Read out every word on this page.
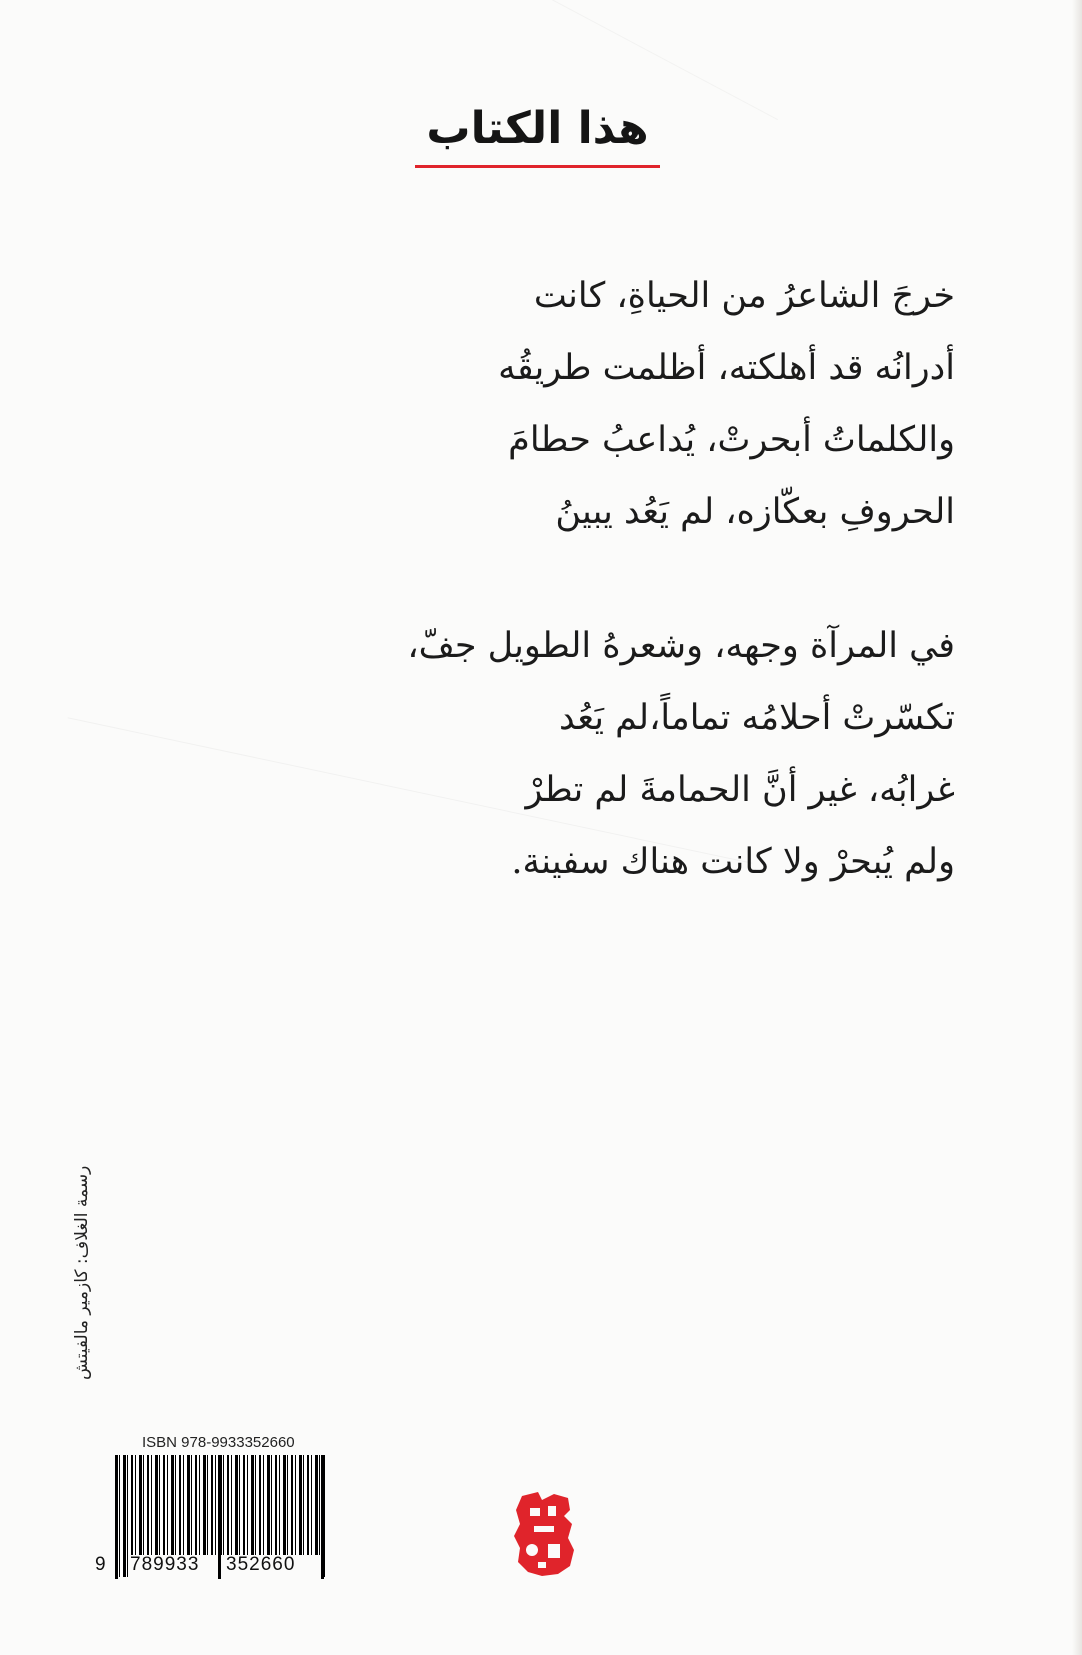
هذا الكتاب
خرجَ الشاعرُ من الحياةِ، كانت
أدرانُه قد أهلكته، أظلمت طريقُه
والكلماتُ أبحرتْ، يُداعبُ حطامَ
الحروفِ بعكّازه، لم يَعُد يبينُ
في المرآة وجهه، وشعرهُ الطويل جفّ،
تكسّرتْ أحلامُه تماماً،لم يَعُد
غرابُه، غير أنَّ الحمامةَ لم تطرْ
ولم يُبحرْ ولا كانت هناك سفينة.
رسمة الغلاف: كازمير مالفيتش
ISBN 978-9933352660
9 789933 352660
